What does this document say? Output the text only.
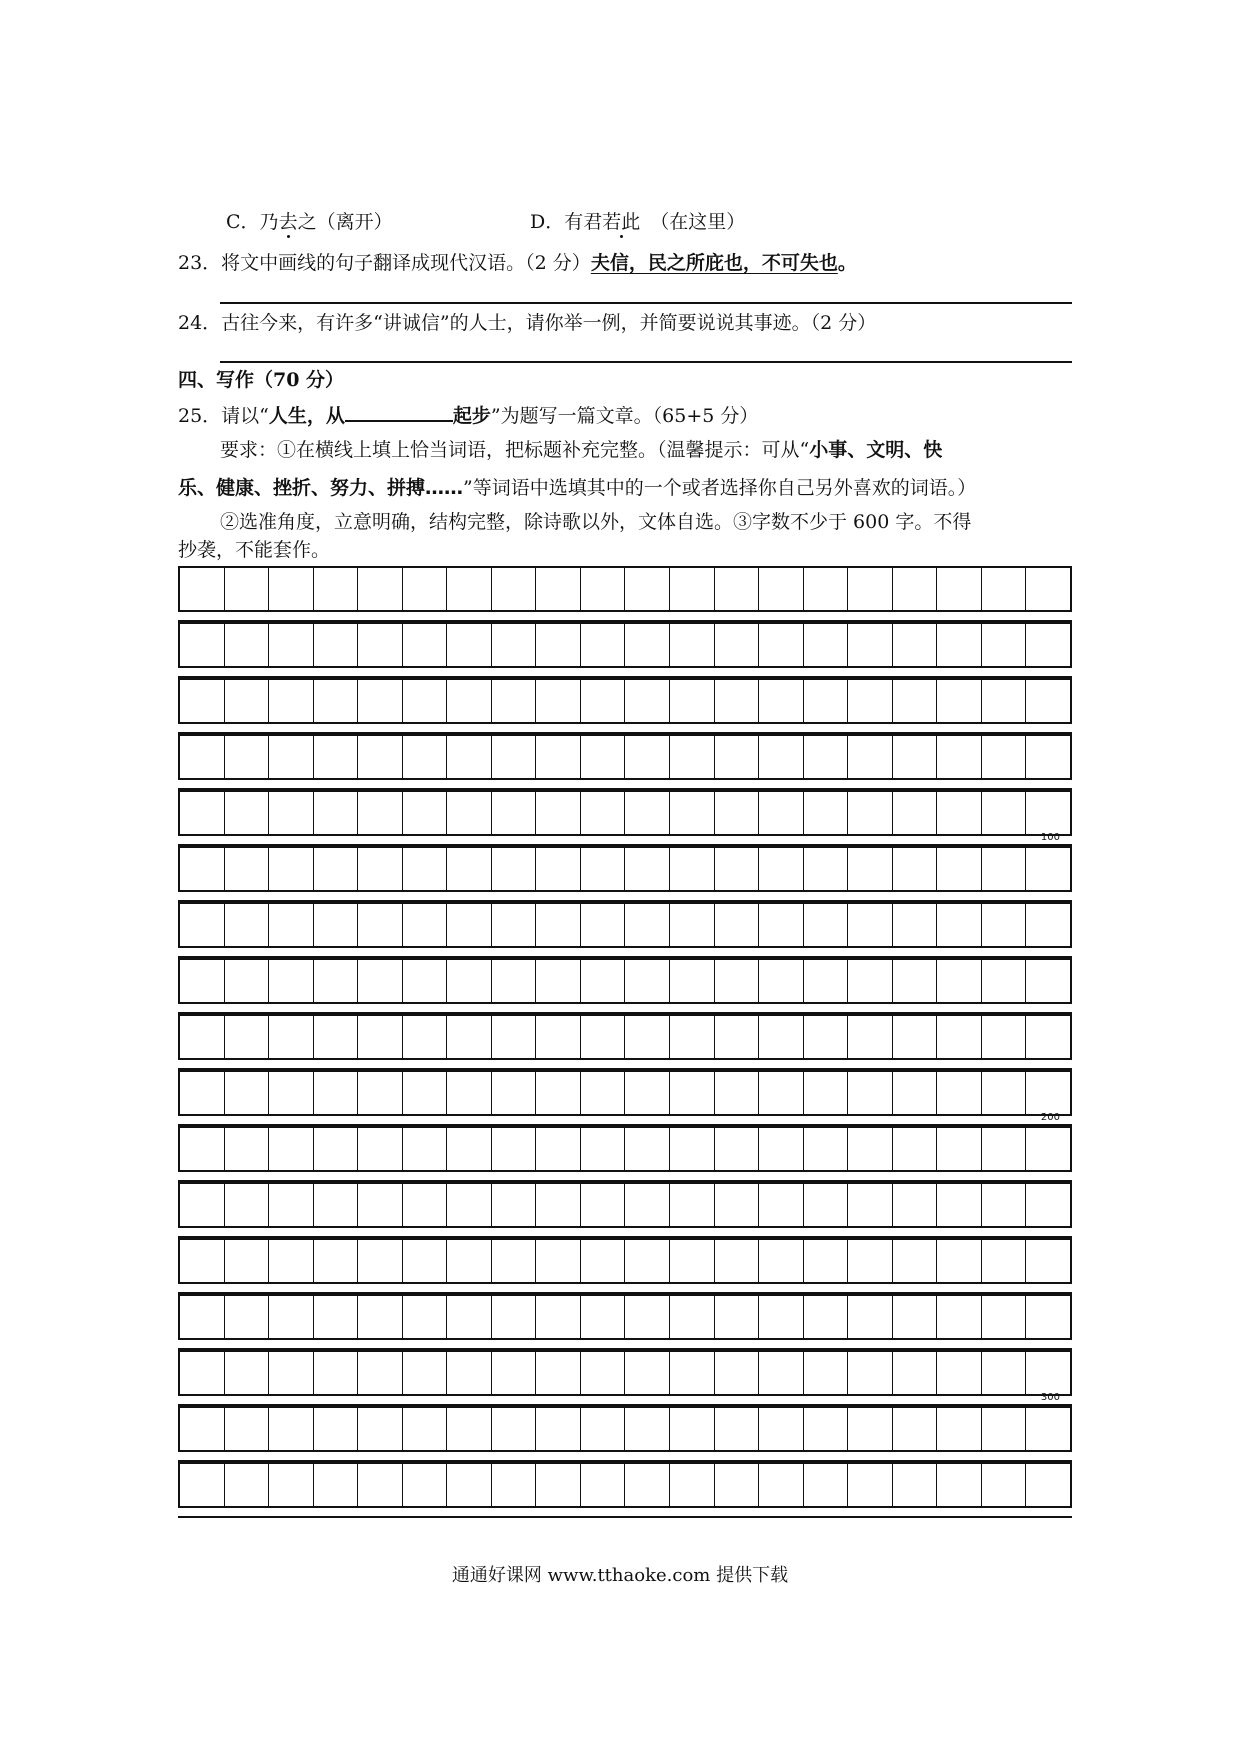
C．乃去之（离开）	D．有君若此 （在这里）
23．将文中画线的句子翻译成现代汉语。（2 分）夫信，民之所庇也，不可失也。
24．古往今来，有许多“讲诚信”的人士，请你举一例，并简要说说其事迹。（2 分）
四、写作（70 分）
25．请以“人生，从	起步”为题写一篇文章。（65+5 分）
要求：①在横线上填上恰当词语，把标题补充完整。（温馨提示：可从“小事、文明、快
乐、健康、挫折、努力、拼搏……”等词语中选填其中的一个或者选择你自己另外喜欢的词语。）
②选准角度，立意明确，结构完整，除诗歌以外，文体自选。③字数不少于 600 字。不得
抄袭，不能套作。
100
200
300
通通好课网 www.tthaoke.com 提供下载
